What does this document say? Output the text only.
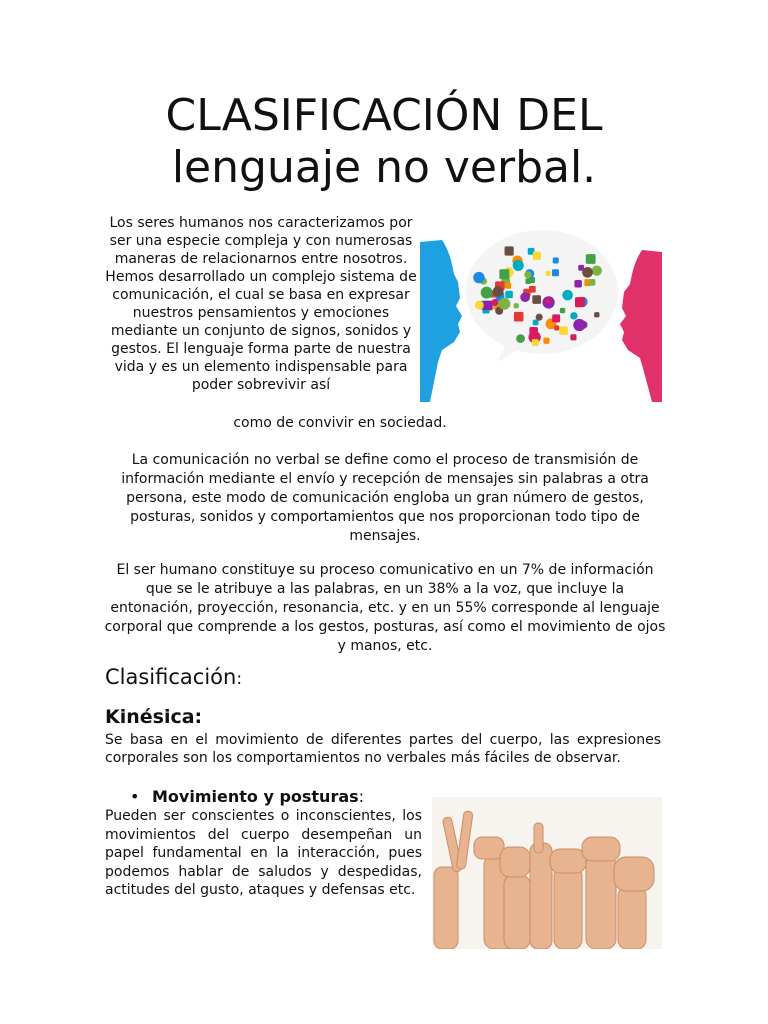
CLASIFICACIÓN DEL
lenguaje no verbal.
Los seres humanos nos caracterizamos por ser una especie compleja y con numerosas maneras de relacionarnos entre nosotros. Hemos desarrollado un complejo sistema de comunicación, el cual se basa en expresar nuestros pensamientos y emociones mediante un conjunto de signos, sonidos y gestos. El lenguaje forma parte de nuestra vida y es un elemento indispensable para poder sobrevivir así
como de convivir en sociedad.
La comunicación no verbal se define como el proceso de transmisión de información mediante el envío y recepción de mensajes sin palabras a otra persona, este modo de comunicación engloba un gran número de gestos, posturas, sonidos y comportamientos que nos proporcionan todo tipo de mensajes.
El ser humano constituye su proceso comunicativo en un 7% de información que se le atribuye a las palabras, en un 38% a la voz, que incluye la entonación, proyección, resonancia, etc. y en un 55% corresponde al lenguaje corporal que comprende a los gestos, posturas, así como el movimiento de ojos y manos, etc.
Clasificación:
Kinésica:
Se basa en el movimiento de diferentes partes del cuerpo, las expresiones corporales son los comportamientos no verbales más fáciles de observar.
• Movimiento y posturas:
Pueden ser conscientes o inconscientes, los movimientos del cuerpo desempeñan un papel fundamental en la interacción, pues podemos hablar de saludos y despedidas, actitudes del gusto, ataques y defensas etc.
